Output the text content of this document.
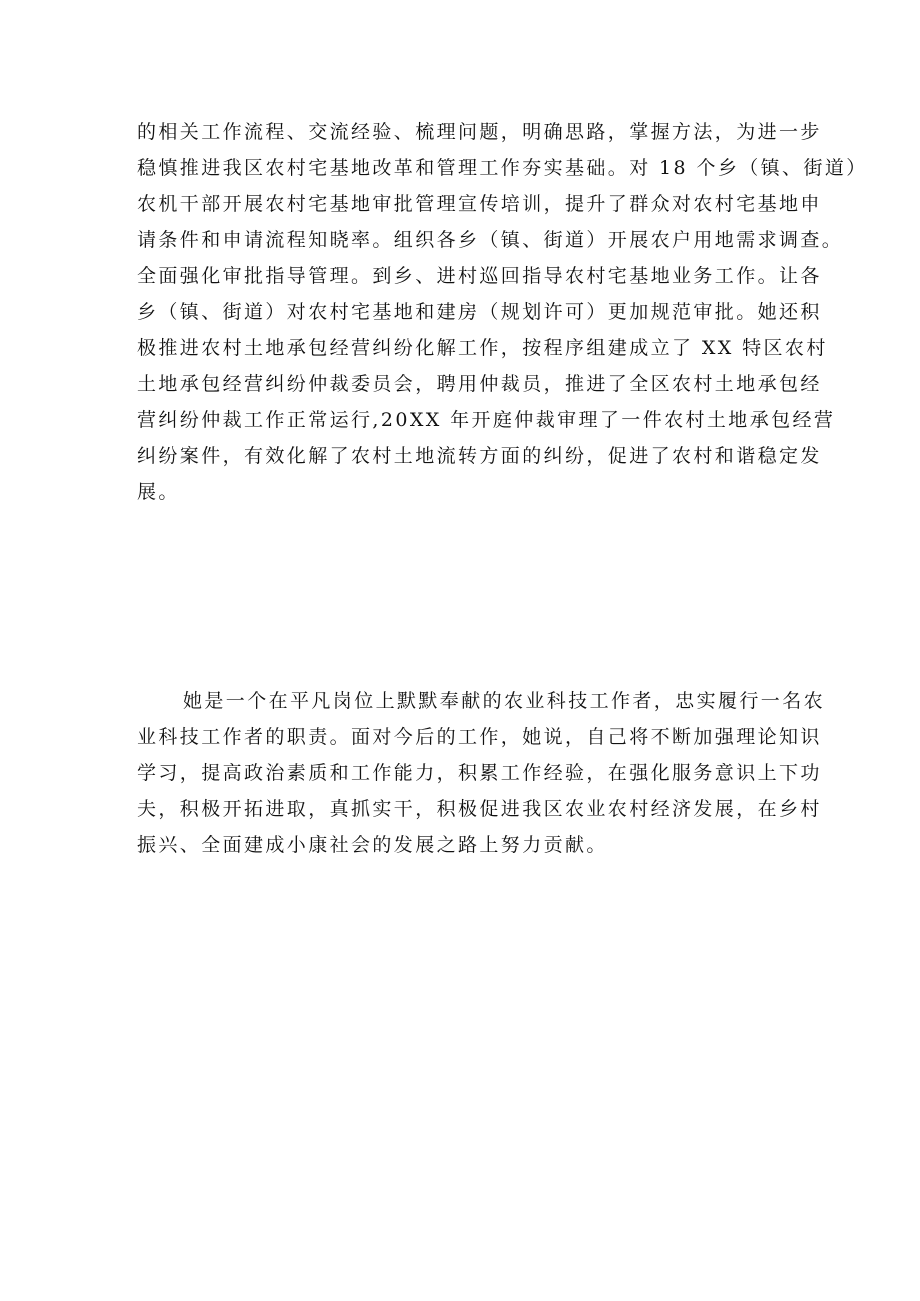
的相关工作流程、交流经验、梳理问题，明确思路，掌握方法，为进一步
稳慎推进我区农村宅基地改革和管理工作夯实基础。对 18 个乡（镇、街道）
农机干部开展农村宅基地审批管理宣传培训，提升了群众对农村宅基地申
请条件和申请流程知晓率。组织各乡（镇、街道）开展农户用地需求调查。
全面强化审批指导管理。到乡、进村巡回指导农村宅基地业务工作。让各
乡（镇、街道）对农村宅基地和建房（规划许可）更加规范审批。她还积
极推进农村土地承包经营纠纷化解工作，按程序组建成立了 XX 特区农村
土地承包经营纠纷仲裁委员会，聘用仲裁员，推进了全区农村土地承包经
营纠纷仲裁工作正常运行,20XX 年开庭仲裁审理了一件农村土地承包经营
纠纷案件，有效化解了农村土地流转方面的纠纷，促进了农村和谐稳定发
展。

她是一个在平凡岗位上默默奉献的农业科技工作者，忠实履行一名农
业科技工作者的职责。面对今后的工作，她说，自己将不断加强理论知识
学习，提高政治素质和工作能力，积累工作经验，在强化服务意识上下功
夫，积极开拓进取，真抓实干，积极促进我区农业农村经济发展，在乡村
振兴、全面建成小康社会的发展之路上努力贡献。
